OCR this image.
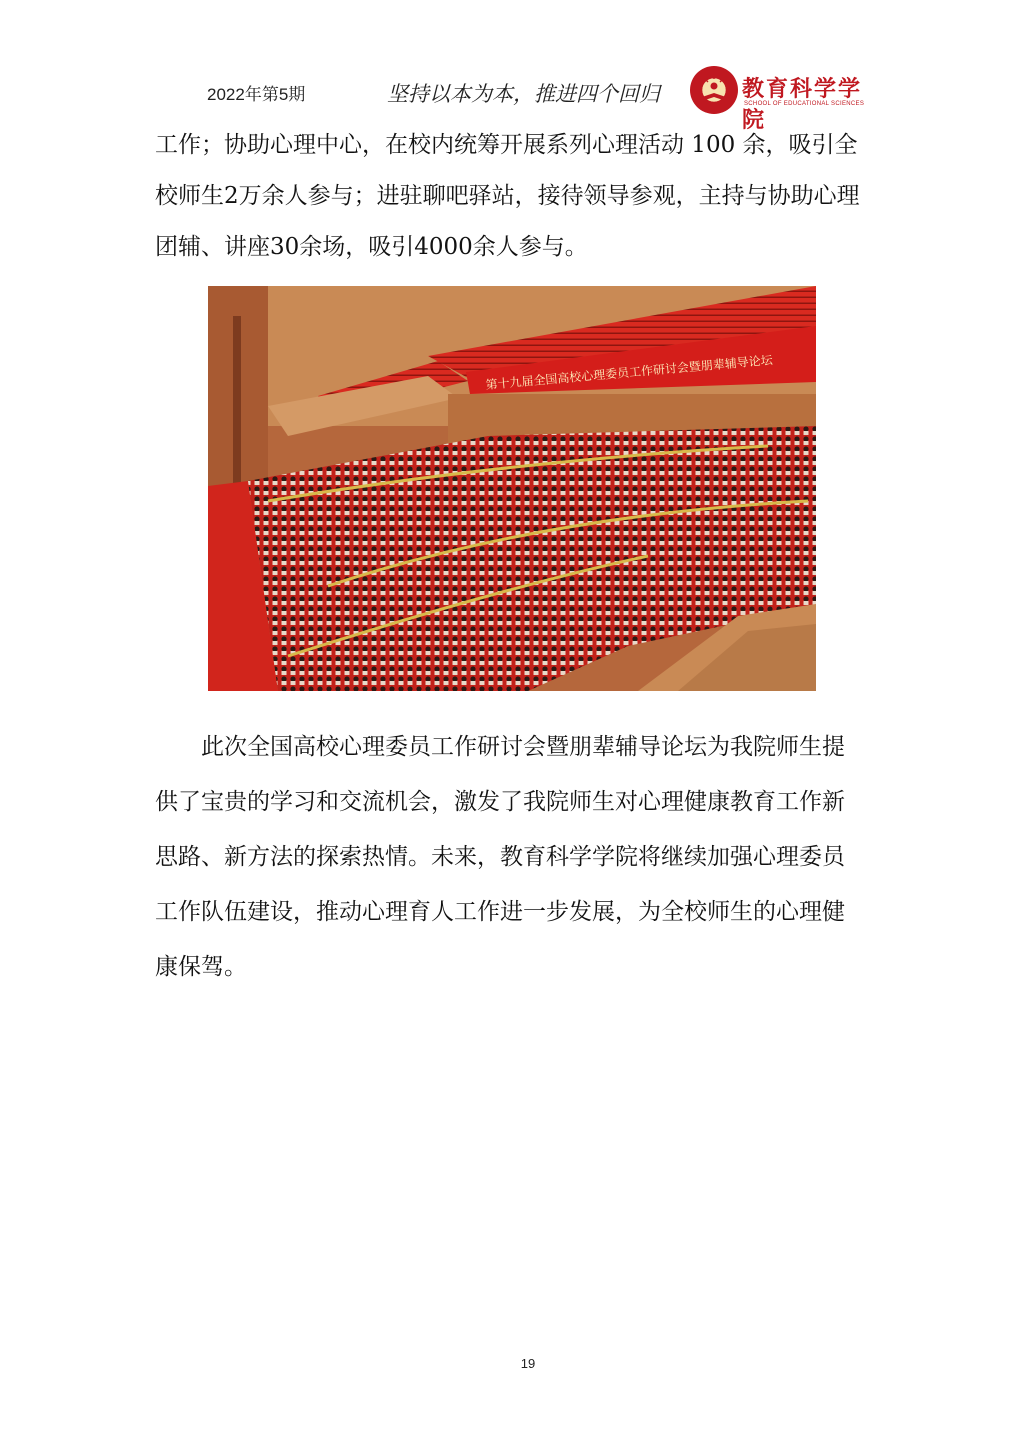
2022年第5期	坚持以本为本，推进四个回归	教育科学学院
SCHOOL OF EDUCATIONAL SCIENCES

工作；协助心理中心，在校内统筹开展系列心理活动 100 余，吸引全校师生2万余人参与；进驻聊吧驿站，接待领导参观，主持与协助心理团辅、讲座30余场，吸引4000余人参与。

第十九届全国高校心理委员工作研讨会暨朋辈辅导论坛

此次全国高校心理委员工作研讨会暨朋辈辅导论坛为我院师生提供了宝贵的学习和交流机会，激发了我院师生对心理健康教育工作新思路、新方法的探索热情。未来，教育科学学院将继续加强心理委员工作队伍建设，推动心理育人工作进一步发展，为全校师生的心理健康保驾。

19
